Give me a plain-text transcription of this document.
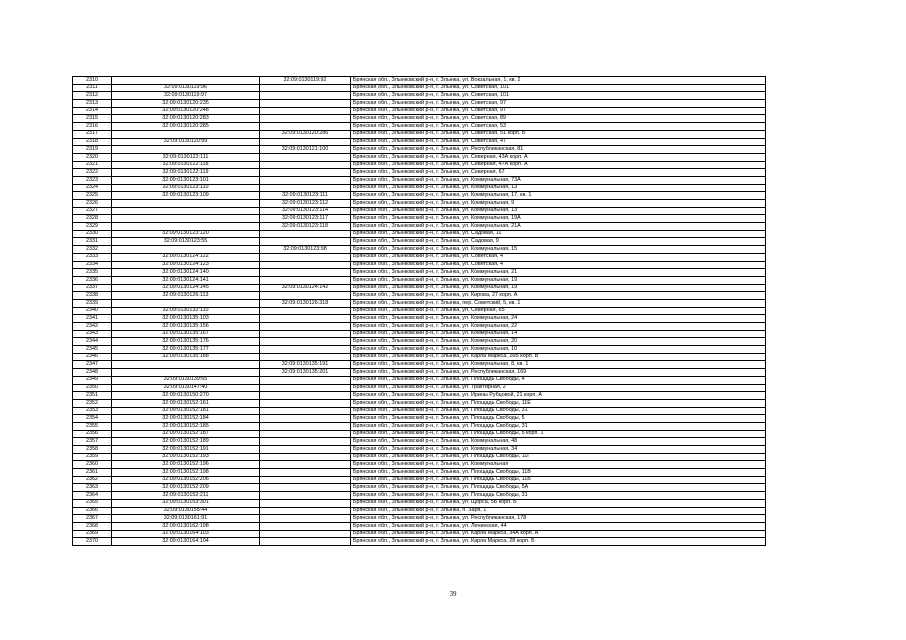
2310		32:09:0130119:92	Брянская обл., Злынковский р-н, г. Злынка, ул. Вокзальная, 1, кв. 2
2311	32:09:0130119:96		Брянская обл., Злынковский р-н, г. Злынка, ул. Советская, 101
2312	32:09:0130119:97		Брянская обл., Злынковский р-н, г. Злынка, ул. Советская, 101
2313	32:09:0130120:235		Брянская обл., Злынковский р-н, г. Злынка, ул. Советская, 97
2314	32:09:0130120:248		Брянская обл., Злынковский р-н, г. Злынка, ул. Советская, 97
2315	32:09:0130120:283		Брянская обл., Злынковский р-н, г. Злынка, ул. Советская, 89
2316	32:09:0130120:285		Брянская обл., Злынковский р-н, г. Злынка, ул. Советская, 53
2317		32:09:0130120:286	Брянская обл., Злынковский р-н, г. Злынка, ул. Советская, 51 корп. Б
2318	32:09:0130120:99		Брянская обл., Злынковский р-н, г. Злынка, ул. Советская, 47
2319		32:09:0130121:100	Брянская обл., Злынковский р-н, г. Злынка, ул. Республиканская, 81
2320	32:09:0130122:111		Брянская обл., Злынковский р-н, г. Злынка, ул. Северная, 43А корп. А
2321	32:09:0130122:118		Брянская обл., Злынковский р-н, г. Злынка, ул. Северная, 47А корп. А
2322	32:09:0130122:119		Брянская обл., Злынковский р-н, г. Злынка, ул. Северная, 67
2323	32:09:0130123:101		Брянская обл., Злынковский р-н, г. Злынка, ул. Коммунальная, 73А
2324	32:09:0130123:110		Брянская обл., Злынковский р-н, г. Злынка, ул. Коммунальная, 13
2325	32:09:0130123:109	32:09:0130123:111	Брянская обл., Злынковский р-н, г. Злынка, ул. Коммунальная, 17, кв. 1
2326		32:09:0130123:112	Брянская обл., Злынковский р-н, г. Злынка, ул. Коммунальная, 9
2327		32:09:0130123:114	Брянская обл., Злынковский р-н, г. Злынка, ул. Коммунальная, 13
2328		32:09:0130123:117	Брянская обл., Злынковский р-н, г. Злынка, ул. Коммунальная, 19А
2329		32:09:0130123:118	Брянская обл., Злынковский р-н, г. Злынка, ул. Коммунальная, 21А
2330	32:09:0130123:120		Брянская обл., Злынковский р-н, г. Злынка, ул. Садовая, 11
2331	32:09:0130123:55		Брянская обл., Злынковский р-н, г. Злынка, ул. Садовая, 9
2332		32:09:0130123:98	Брянская обл., Злынковский р-н, г. Злынка, ул. Коммунальная, 15
2333	32:09:0130124:122		Брянская обл., Злынковский р-н, г. Злынка, ул. Советская, 4
2334	32:09:0130124:123		Брянская обл., Злынковский р-н, г. Злынка, ул. Советская, 4
2335	32:09:0130124:140		Брянская обл., Злынковский р-н, г. Злынка, ул. Коммунальная, 21
2336	32:09:0130124:141		Брянская обл., Злынковский р-н, г. Злынка, ул. Коммунальная, 19
2337	32:09:0130124:145	32:09:0130124:142	Брянская обл., Злынковский р-н, г. Злынка, ул. Коммунальная, 19
2338	32:09:0130126:113		Брянская обл., Злынковский р-н, г. Злынка, ул. Кирова, 27 корп. А
2339		32:09:0130126:318	Брянская обл., Злынковский р-н, г. Злынка, пер. Советский, 5, кв. 1
2340	32:09:0130132:110		Брянская обл., Злынковский р-н, г. Злынка, ул. Северная, 65
2341	32:09:0130135:103		Брянская обл., Злынковский р-н, г. Злынка, ул. Коммунальная, 24
2342	32:09:0130135:156		Брянская обл., Злынковский р-н, г. Злынка, ул. Коммунальная, 22
2343	32:09:0130135:167		Брянская обл., Злынковский р-н, г. Злынка, ул. Коммунальная, 14
2344	32:09:0130135:176		Брянская обл., Злынковский р-н, г. Злынка, ул. Коммунальная, 20
2345	32:09:0130135:177		Брянская обл., Злынковский р-н, г. Злынка, ул. Коммунальная, 10
2346	32:09:0130135:188		Брянская обл., Злынковский р-н, г. Злынка, ул. Карла Маркса, 26Б корп. В
2347		32:09:0130135:191	Брянская обл., Злынковский р-н, г. Злынка, ул. Коммунальная, 8, кв. 1
2348		32:09:0130135:201	Брянская обл., Злынковский р-н, г. Злынка, ул. Республиканская, 169
2349	32:09:0130139:65		Брянская обл., Злынковский р-н, г. Злынка, ул. Площадь Свободы, 4
2350	32:09:0130147:40		Брянская обл., Злынковский р-н, г. Злынка, ул. Трактирная, 2
2351	32:09:0130150:270		Брянская обл., Злынковский р-н, г. Злынка, ул. Ирины Рубцовой, 21 корп. А
2352	32:09:0130152:161		Брянская обл., Злынковский р-н, г. Злынка, ул. Площадь Свободы, 11Е
2353	32:09:0130152:181		Брянская обл., Злынковский р-н, г. Злынка, ул. Площадь Свободы, 31
2354	32:09:0130152:184		Брянская обл., Злынковский р-н, г. Злынка, ул. Площадь Свободы, 5
2355	32:09:0130152:185		Брянская обл., Злынковский р-н, г. Злынка, ул. Площадь Свободы, 31
2356	32:09:0130152:187		Брянская обл., Злынковский р-н, г. Злынка, ул. Площадь Свободы, 5 корп. 1
2357	32:09:0130152:189		Брянская обл., Злынковский р-н, г. Злынка, ул. Коммунальная, 48
2358	32:09:0130152:191		Брянская обл., Злынковский р-н, г. Злынка, ул. Коммунальная, 34
2359	32:09:0130152:193		Брянская обл., Злынковский р-н, г. Злынка, ул. Площадь Свободы, 11Г
2360	32:09:0130152:196		Брянская обл., Злынковский р-н, г. Злынка, ул. Коммунальная
2361	32:09:0130152:198		Брянская обл., Злынковский р-н, г. Злынка, ул. Площадь Свободы, 11В
2362	32:09:0130152:206		Брянская обл., Злынковский р-н, г. Злынка, ул. Площадь Свободы, 11Б
2363	32:09:0130152:209		Брянская обл., Злынковский р-н, г. Злынка, ул. Площадь Свободы, 5А
2364	32:09:0130152:211		Брянская обл., Злынковский р-н, г. Злынка, ул. Площадь Свободы, 31
2365	32:09:0130153:301		Брянская обл., Злынковский р-н, г. Злынка, ул. Щорса, 5Б корп. Б
2366	32:09:0130155:44		Брянская обл., Злынковский р-н, г. Злынка, п. Заря, 1
2367	32:09:0130161:91		Брянская обл., Злынковский р-н, г. Злынка, ул. Республиканская, 178
2368	32:09:0130162:198		Брянская обл., Злынковский р-н, г. Злынка, ул. Ленинская, 44
2369	32:09:0130164:103		Брянская обл., Злынковский р-н, г. Злынка, ул. Карла Маркса, 34А корп. А
2370	32:09:0130164:104		Брянская обл., Злынковский р-н, г. Злынка, ул. Карла Маркса, 28 корп. Б
39
